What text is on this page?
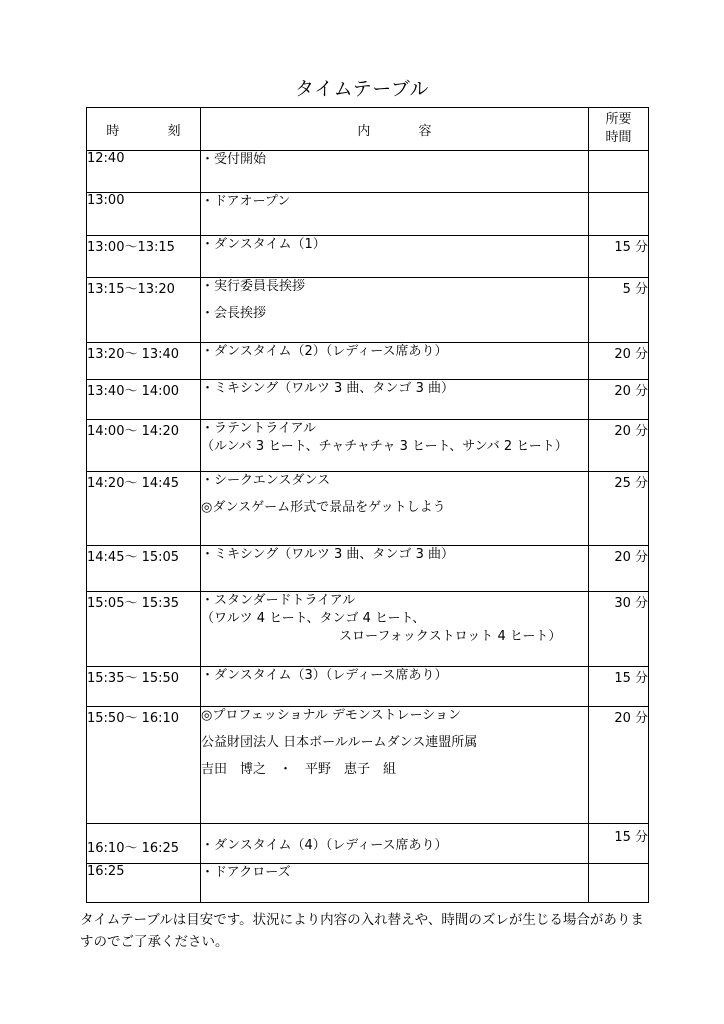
タイムテーブル
時 刻	内 容	所要
時間

12:40	・受付開始	

13:00	・ドアオープン	

13:00〜13:15	・ダンスタイム（1）	15 分
13:15〜13:20	・実行委員長挨拶
・会長挨拶	5 分
13:20〜 13:40	・ダンスタイム（2）（レディース席あり）	20 分
13:40〜 14:00	・ミキシング（ワルツ 3 曲、タンゴ 3 曲）	20 分
14:00〜 14:20	・ラテントライアル
（ルンバ 3 ヒート、チャチャチャ 3 ヒート、サンバ 2 ヒート）	20 分
14:20〜 14:45	・シークエンスダンス
◎ダンスゲーム形式で景品をゲットしよう	25 分
14:45〜 15:05	・ミキシング（ワルツ 3 曲、タンゴ 3 曲）	20 分
15:05〜 15:35	・スタンダードトライアル
（ワルツ 4 ヒート、タンゴ 4 ヒート、
スローフォックストロット 4 ヒート）	30 分
15:35〜 15:50	・ダンスタイム（3）（レディース席あり）	15 分
15:50〜 16:10	◎プロフェッショナル デモンストレーション
公益財団法人 日本ボールルームダンス連盟所属
吉田　博之　・　平野　恵子　組	20 分
16:10〜 16:25	・ダンスタイム（4）（レディース席あり）	15 分
16:25	・ドアクローズ	

タイムテーブルは目安です。状況により内容の入れ替えや、時間のズレが生じる場合がありますのでご了承ください。
